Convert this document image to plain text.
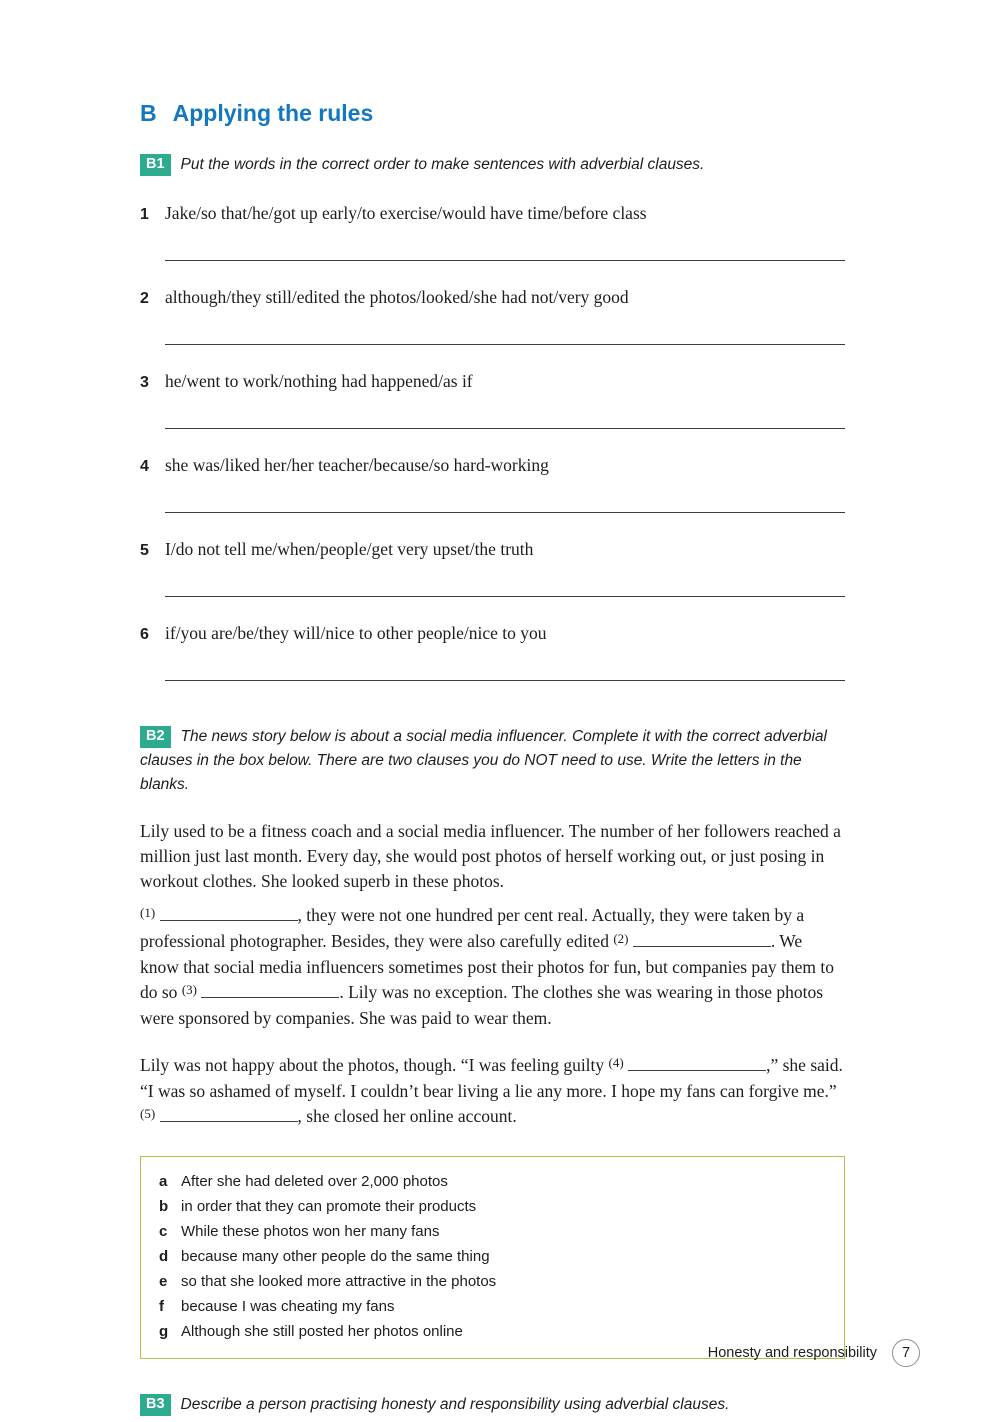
B Applying the rules
B1 Put the words in the correct order to make sentences with adverbial clauses.
1 Jake/so that/he/got up early/to exercise/would have time/before class
2 although/they still/edited the photos/looked/she had not/very good
3 he/went to work/nothing had happened/as if
4 she was/liked her/her teacher/because/so hard-working
5 I/do not tell me/when/people/get very upset/the truth
6 if/you are/be/they will/nice to other people/nice to you
B2 The news story below is about a social media influencer. Complete it with the correct adverbial clauses in the box below. There are two clauses you do NOT need to use. Write the letters in the blanks.

Lily used to be a fitness coach and a social media influencer. The number of her followers reached a million just last month. Every day, she would post photos of herself working out, or just posing in workout clothes. She looked superb in these photos.

$^{(1)}$	, they were not one hundred per cent real. Actually, they were taken by a professional photographer. Besides, they were also carefully edited $^{(2)}$	. We know that social media influencers sometimes post their photos for fun, but companies pay them to do so $^{(3)}$	. Lily was no exception. The clothes she was wearing in those photos were sponsored by companies. She was paid to wear them.

Lily was not happy about the photos, though. “I was feeling guilty $^{(4)}$	,” she said. “I was so ashamed of myself. I couldn’t bear living a lie any more. I hope my fans can forgive me.” $^{(5)}$	, she closed her online account.

a After she had deleted over 2,000 photos
b in order that they can promote their products
c While these photos won her many fans
d because many other people do the same thing
e so that she looked more attractive in the photos
f	because I was cheating my fans
g Although she still posted her photos online
B3 Describe a person practising honesty and responsibility using adverbial clauses.
Honesty and responsibility	7
